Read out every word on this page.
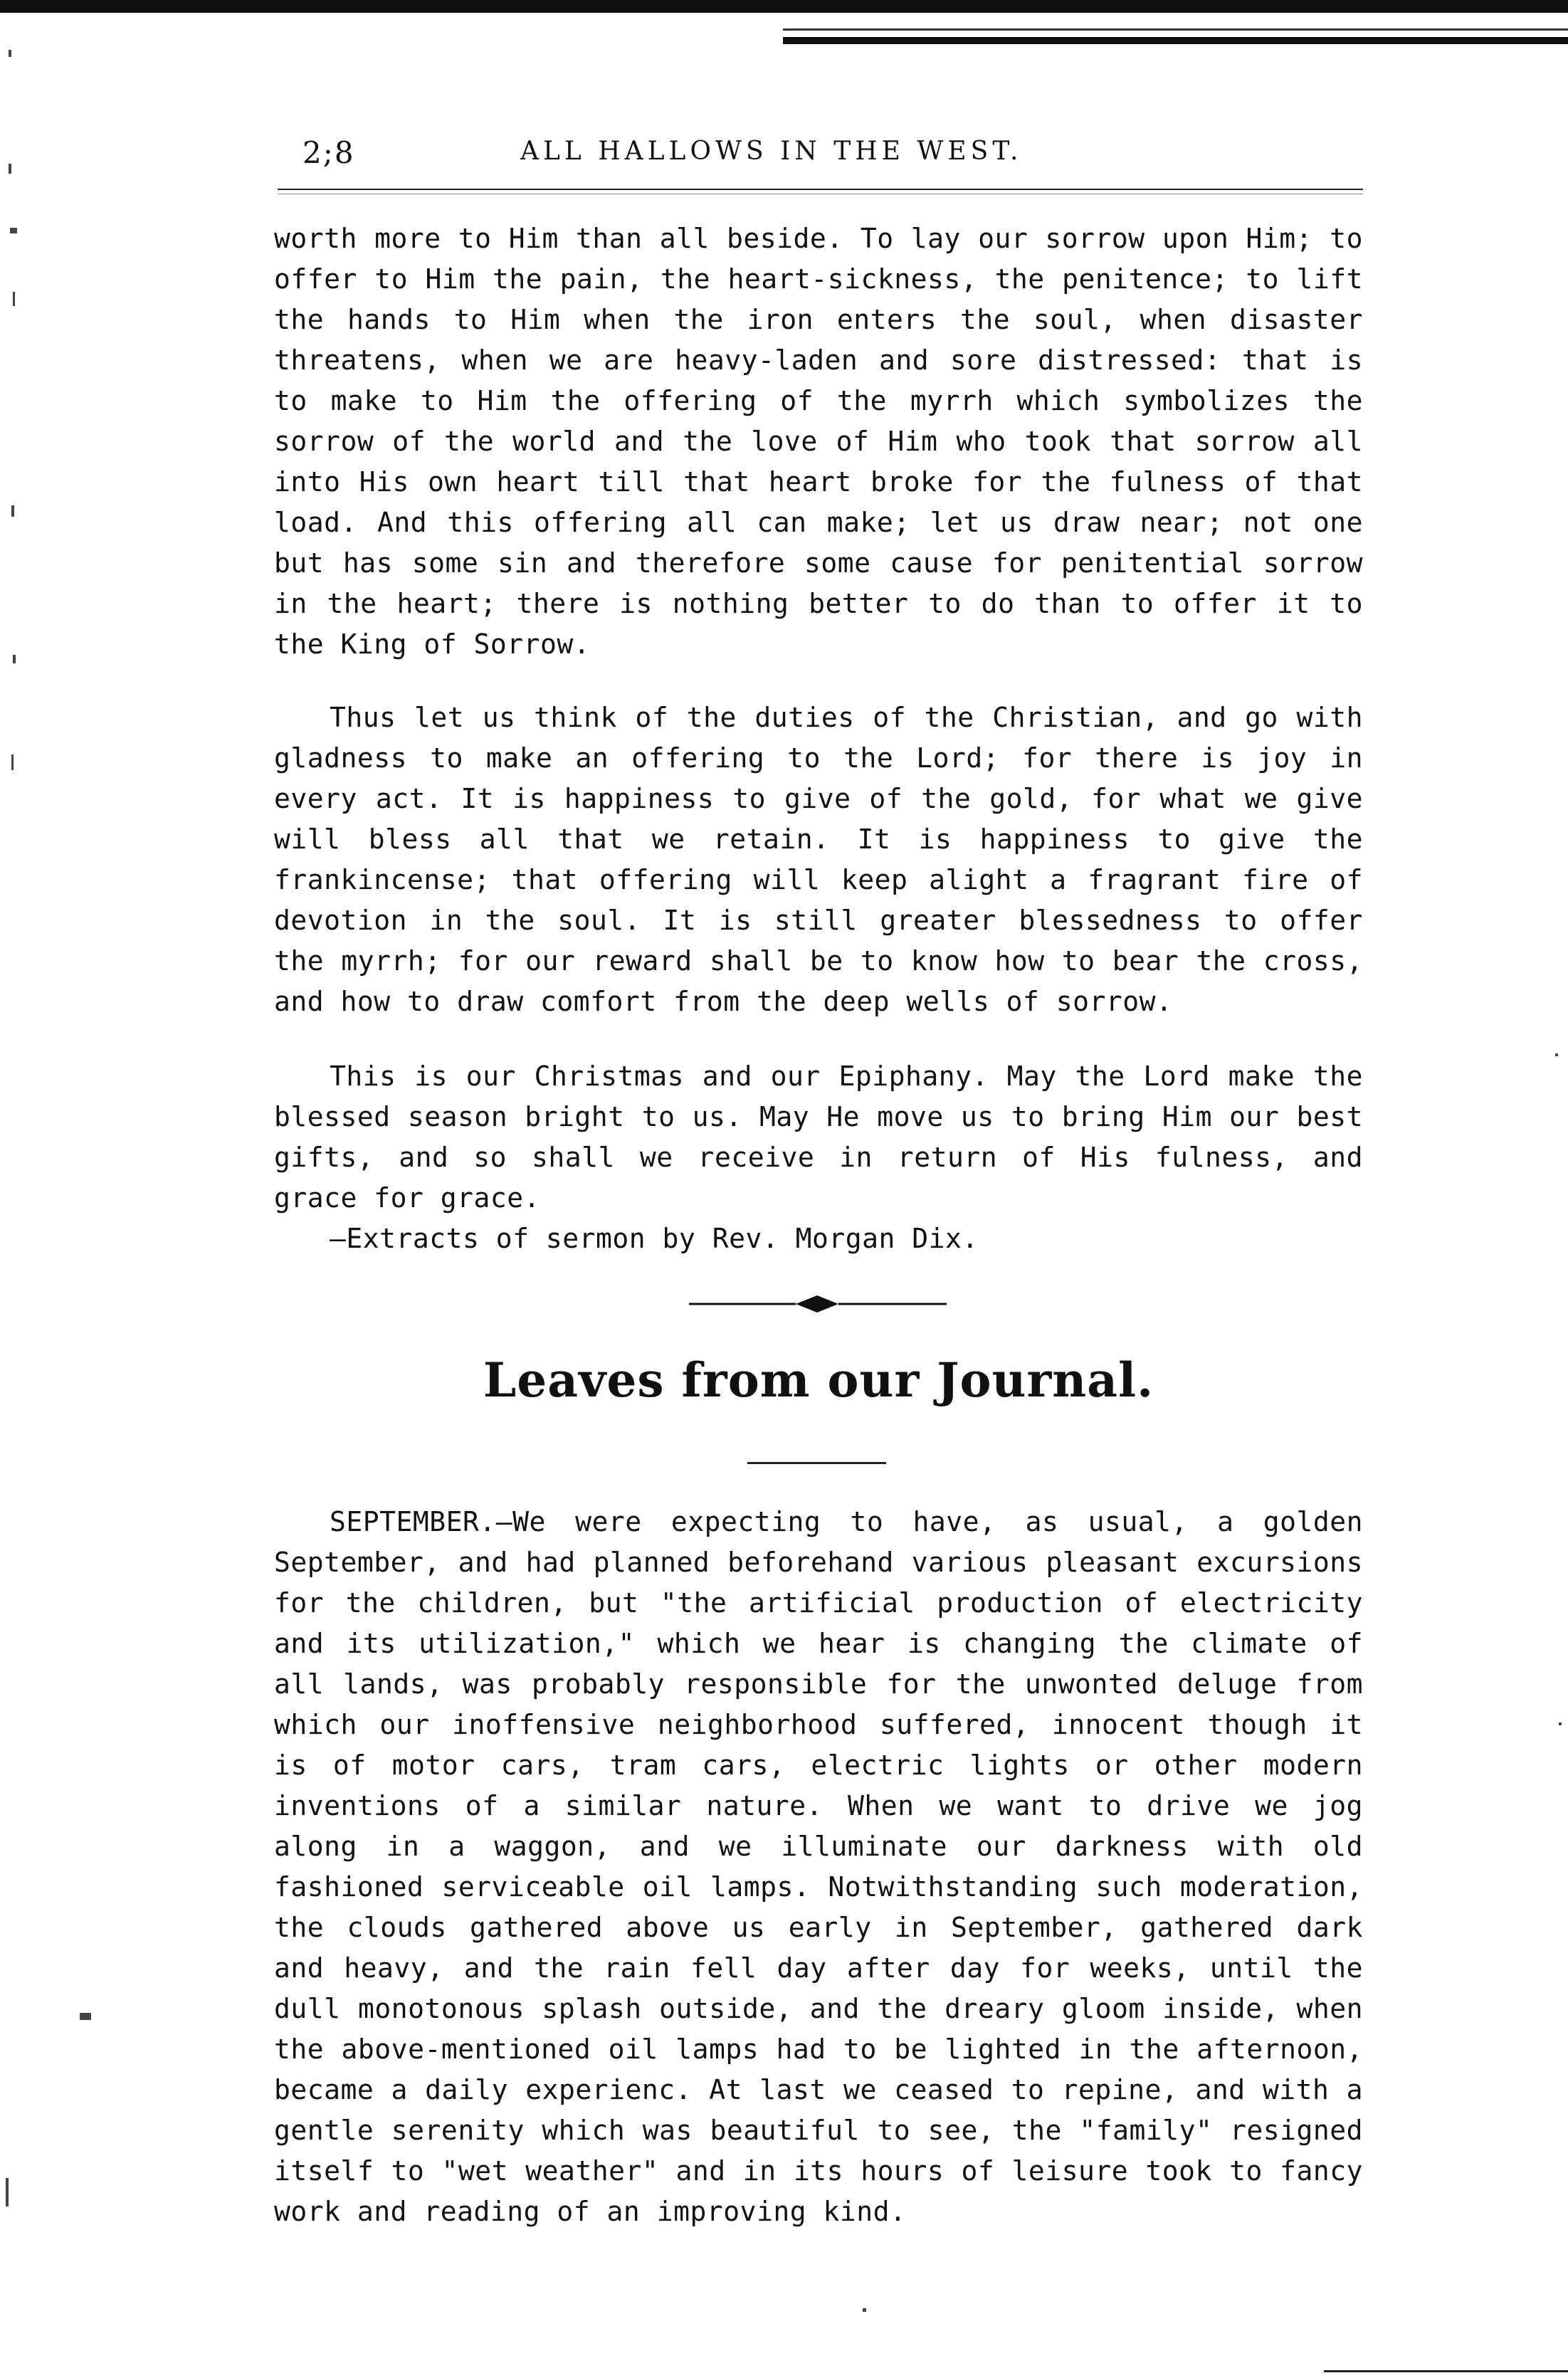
2;8	ALL HALLOWS IN THE WEST.
worth more to Him than all beside. To lay our sorrow upon Him; to offer to Him the pain, the heart-sickness, the penitence; to lift the hands to Him when the iron enters the soul, when disaster threatens, when we are heavy-laden and sore distressed: that is to make to Him the offering of the myrrh which symbolizes the sorrow of the world and the love of Him who took that sorrow all into His own heart till that heart broke for the fulness of that load. And this offering all can make; let us draw near; not one but has some sin and therefore some cause for penitential sorrow in the heart; there is nothing better to do than to offer it to the King of Sorrow.
Thus let us think of the duties of the Christian, and go with gladness to make an offering to the Lord; for there is joy in every act. It is happiness to give of the gold, for what we give will bless all that we retain. It is happiness to give the frankincense; that offering will keep alight a fragrant fire of devotion in the soul. It is still greater blessedness to offer the myrrh; for our reward shall be to know how to bear the cross, and how to draw comfort from the deep wells of sorrow.
This is our Christmas and our Epiphany. May the Lord make the blessed season bright to us. May He move us to bring Him our best gifts, and so shall we receive in return of His fulness, and grace for grace.
—Extracts of sermon by Rev. Morgan Dix.
Leaves from our Journal.
SEPTEMBER.—We were expecting to have, as usual, a golden September, and had planned beforehand various pleasant excursions for the children, but "the artificial production of electricity and its utilization," which we hear is changing the climate of all lands, was probably responsible for the unwonted deluge from which our inoffensive neighborhood suffered, innocent though it is of motor cars, tram cars, electric lights or other modern inventions of a similar nature. When we want to drive we jog along in a waggon, and we illuminate our darkness with old fashioned serviceable oil lamps. Notwithstanding such moderation, the clouds gathered above us early in September, gathered dark and heavy, and the rain fell day after day for weeks, until the dull monotonous splash outside, and the dreary gloom inside, when the above-mentioned oil lamps had to be lighted in the afternoon, became a daily experienc. At last we ceased to repine, and with a gentle serenity which was beautiful to see, the "family" resigned itself to "wet weather" and in its hours of leisure took to fancy work and reading of an improving kind.
